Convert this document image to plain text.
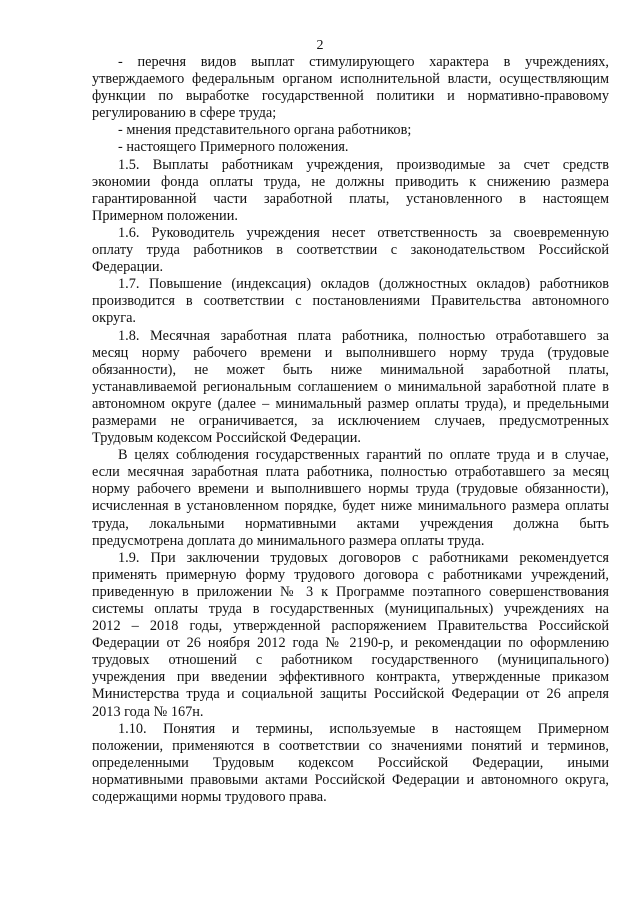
2
- перечня видов выплат стимулирующего характера в учреждениях,
утверждаемого федеральным органом исполнительной власти, осуществляющим
функции по выработке государственной политики и нормативно-правовому
регулированию в сфере труда;
- мнения представительного органа работников;
- настоящего Примерного положения.
1.5. Выплаты работникам учреждения, производимые за счет средств
экономии фонда оплаты труда, не должны приводить к снижению размера
гарантированной части заработной платы, установленного в настоящем
Примерном положении.
1.6. Руководитель учреждения несет ответственность за своевременную
оплату труда работников в соответствии с законодательством Российской
Федерации.
1.7. Повышение (индексация) окладов (должностных окладов) работников
производится в соответствии с постановлениями Правительства автономного
округа.
1.8. Месячная заработная плата работника, полностью отработавшего за
месяц норму рабочего времени и выполнившего норму труда (трудовые
обязанности), не может быть ниже минимальной заработной платы,
устанавливаемой региональным соглашением о минимальной заработной плате в
автономном округе (далее – минимальный размер оплаты труда), и предельными
размерами не ограничивается, за исключением случаев, предусмотренных
Трудовым кодексом Российской Федерации.
В целях соблюдения государственных гарантий по оплате труда и в случае,
если месячная заработная плата работника, полностью отработавшего за месяц
норму рабочего времени и выполнившего нормы труда (трудовые обязанности),
исчисленная в установленном порядке, будет ниже минимального размера оплаты
труда, локальными нормативными актами учреждения должна быть
предусмотрена доплата до минимального размера оплаты труда.
1.9. При заключении трудовых договоров с работниками рекомендуется
применять примерную форму трудового договора с работниками учреждений,
приведенную в приложении № 3 к Программе поэтапного совершенствования
системы оплаты труда в государственных (муниципальных) учреждениях на
2012 – 2018 годы, утвержденной распоряжением Правительства Российской
Федерации от 26 ноября 2012 года № 2190-р, и рекомендации по оформлению
трудовых отношений с работником государственного (муниципального)
учреждения при введении эффективного контракта, утвержденные приказом
Министерства труда и социальной защиты Российской Федерации от 26 апреля
2013 года № 167н.
1.10. Понятия и термины, используемые в настоящем Примерном
положении, применяются в соответствии со значениями понятий и терминов,
определенными Трудовым кодексом Российской Федерации, иными
нормативными правовыми актами Российской Федерации и автономного округа,
содержащими нормы трудового права.
